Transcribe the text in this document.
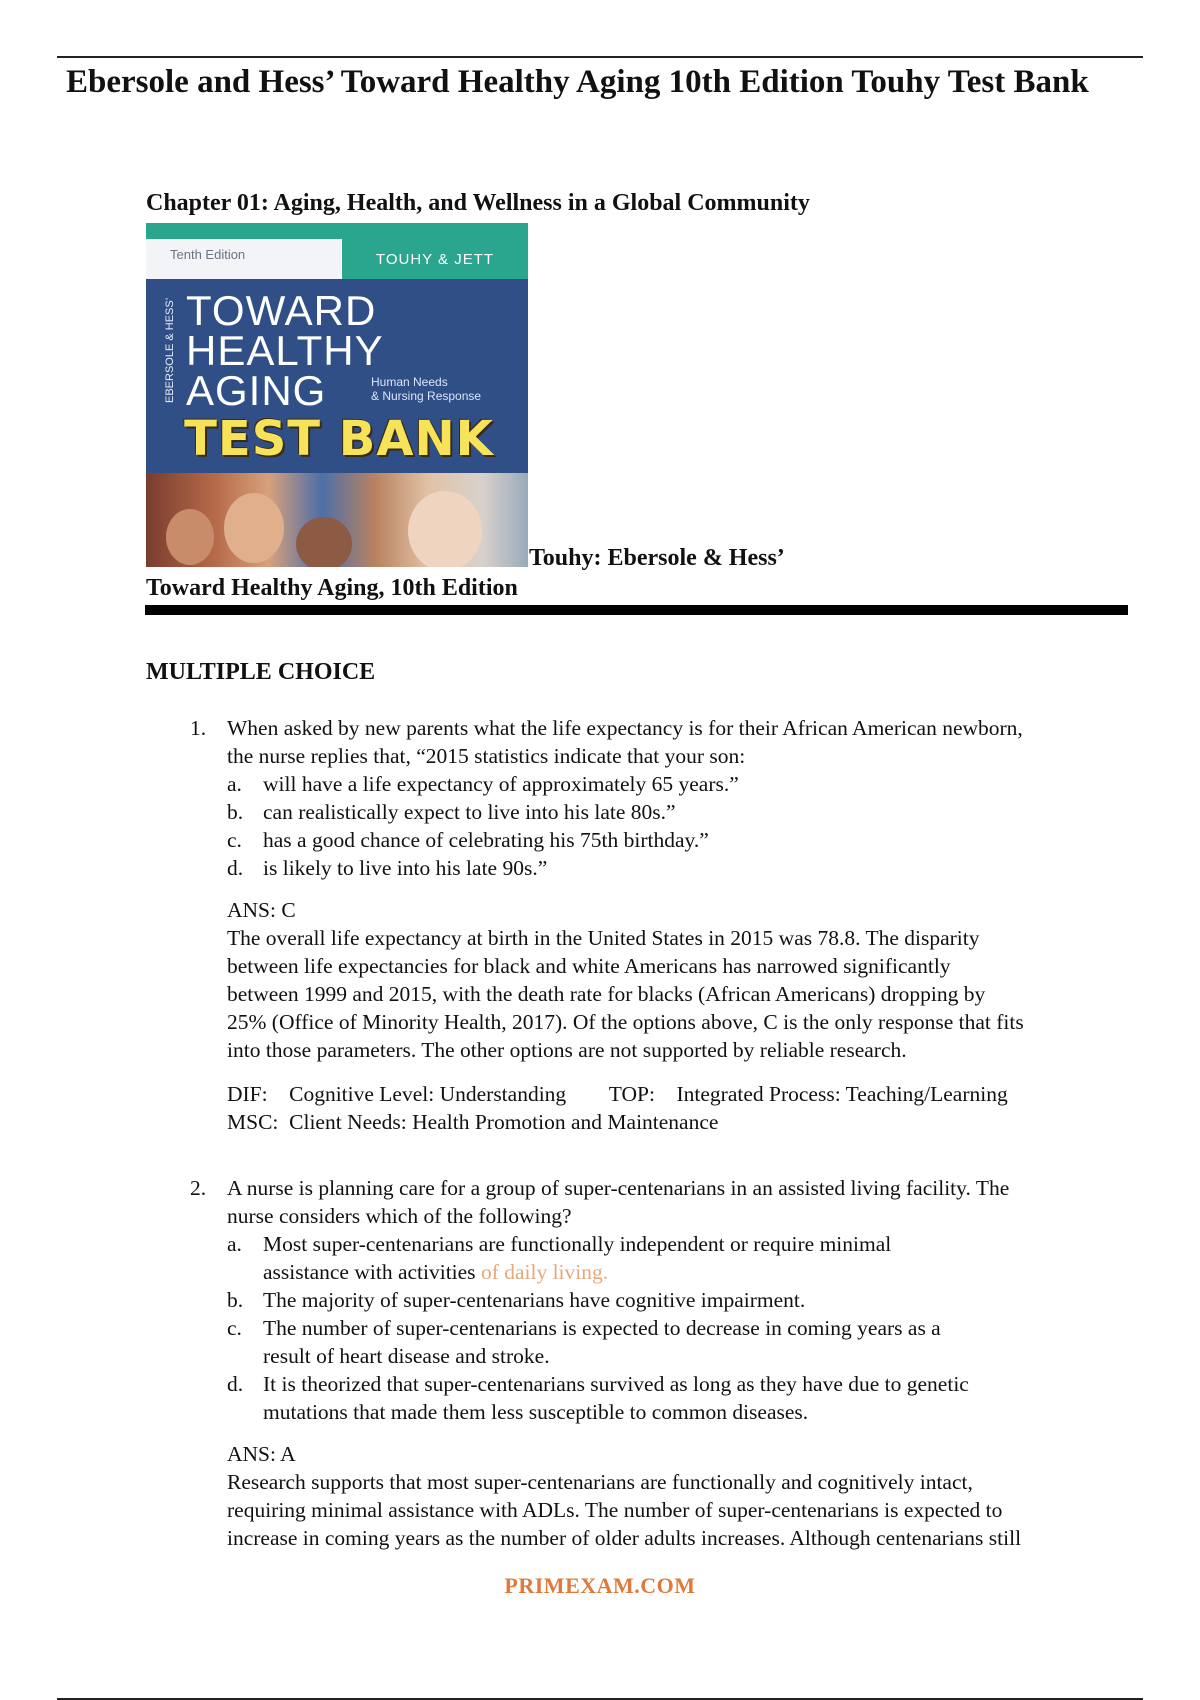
Ebersole and Hess’ Toward Healthy Aging 10th Edition Touhy Test Bank
Chapter 01: Aging, Health, and Wellness in a Global Community
Tenth Edition	TOUHY & JETT
EBERSOLE & HESS’ TOWARD
HEALTHY
AGING	Human Needs
& Nursing Response
TEST BANK
Touhy: Ebersole & Hess’
Toward Healthy Aging, 10th Edition
MULTIPLE CHOICE
1. When asked by new parents what the life expectancy is for their African American newborn,
the nurse replies that, “2015 statistics indicate that your son:
a. will have a life expectancy of approximately 65 years.”
b. can realistically expect to live into his late 80s.”
c. has a good chance of celebrating his 75th birthday.”
d. is likely to live into his late 90s.”
ANS: C
The overall life expectancy at birth in the United States in 2015 was 78.8. The disparity
between life expectancies for black and white Americans has narrowed significantly
between 1999 and 2015, with the death rate for blacks (African Americans) dropping by
25% (Office of Minority Health, 2017). Of the options above, C is the only response that fits
into those parameters. The other options are not supported by reliable research.
DIF:    Cognitive Level: Understanding        TOP:    Integrated Process: Teaching/Learning
MSC:  Client Needs: Health Promotion and Maintenance
2. A nurse is planning care for a group of super-centenarians in an assisted living facility. The
nurse considers which of the following?
a. Most super-centenarians are functionally independent or require minimal
assistance with activities of daily living.
b. The majority of super-centenarians have cognitive impairment.
c. The number of super-centenarians is expected to decrease in coming years as a
result of heart disease and stroke.
d. It is theorized that super-centenarians survived as long as they have due to genetic
mutations that made them less susceptible to common diseases.
ANS: A
Research supports that most super-centenarians are functionally and cognitively intact,
requiring minimal assistance with ADLs. The number of super-centenarians is expected to
increase in coming years as the number of older adults increases. Although centenarians still
PRIMEXAM.COM
